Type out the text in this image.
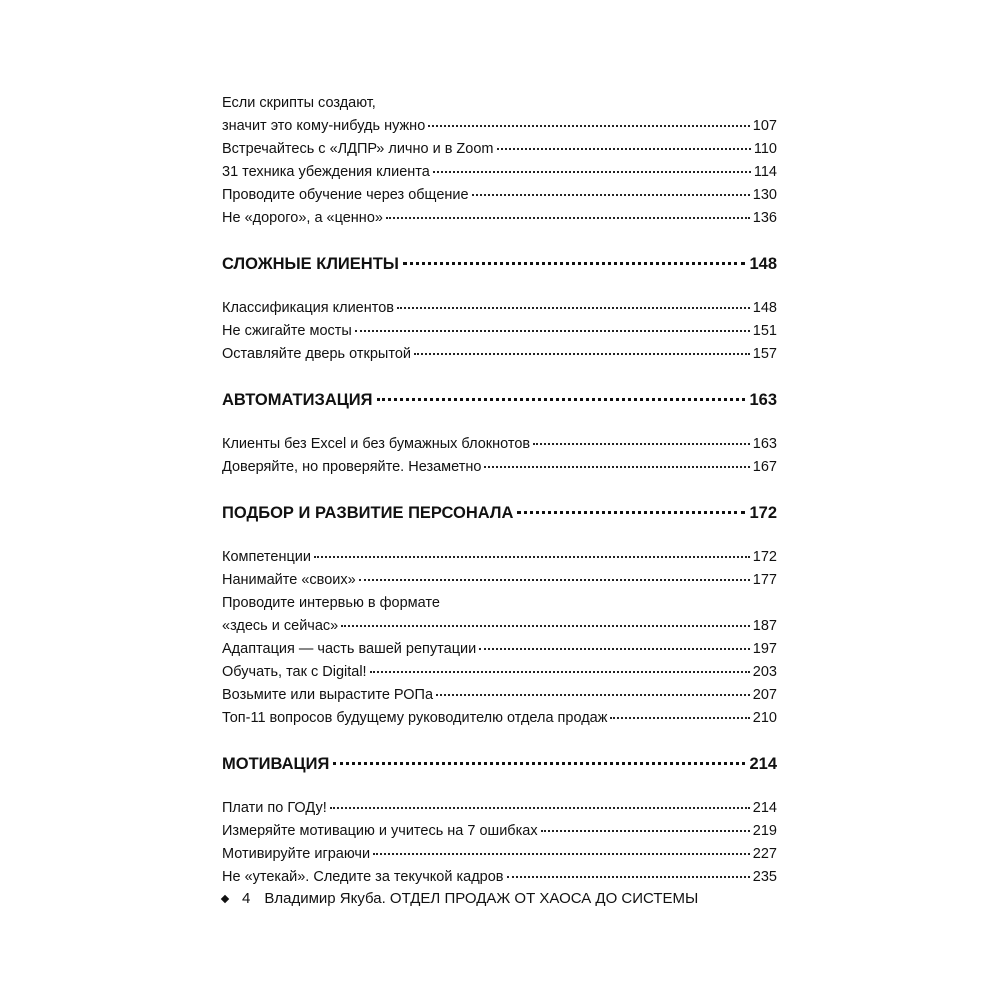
Если скрипты создают,
значит это кому-нибудь нужно	107
Встречайтесь с «ЛДПР» лично и в Zoom	110
31 техника убеждения клиента	114
Проводите обучение через общение	130
Не «дорого», а «ценно»	136
СЛОЖНЫЕ КЛИЕНТЫ	148
Классификация клиентов	148
Не сжигайте мосты	151
Оставляйте дверь открытой	157
АВТОМАТИЗАЦИЯ	163
Клиенты без Excel и без бумажных блокнотов	163
Доверяйте, но проверяйте. Незаметно	167
ПОДБОР И РАЗВИТИЕ ПЕРСОНАЛА	172
Компетенции	172
Нанимайте «своих»	177
Проводите интервью в формате
«здесь и сейчас»	187
Адаптация — часть вашей репутации	197
Обучать, так с Digital!	203
Возьмите или вырастите РОПа	207
Топ-11 вопросов будущему руководителю отдела продаж	210
МОТИВАЦИЯ	214
Плати по ГОДу!	214
Измеряйте мотивацию и учитесь на 7 ошибках	219
Мотивируйте играючи	227
Не «утекай». Следите за текучкой кадров	235
4 Владимир Якуба. ОТДЕЛ ПРОДАЖ ОТ ХАОСА ДО СИСТЕМЫ
